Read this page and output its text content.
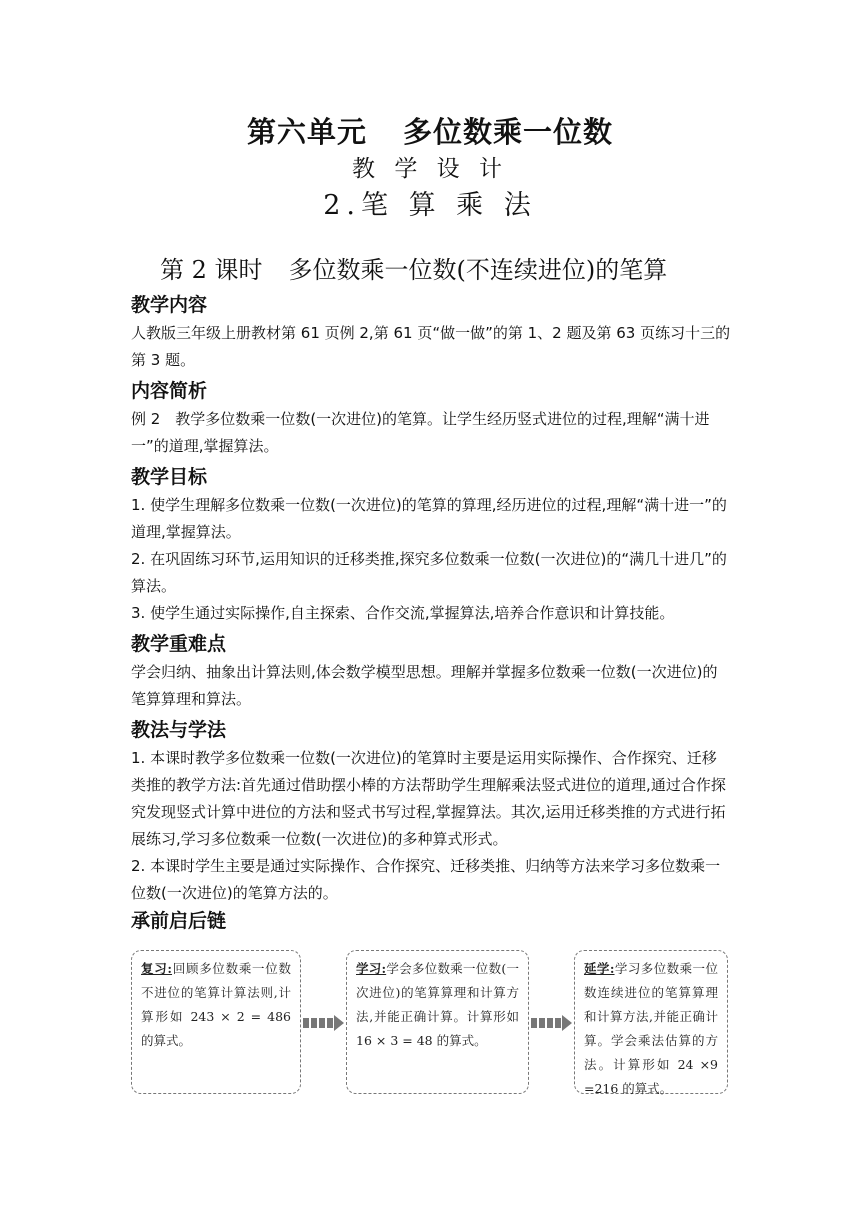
第六单元 多位数乘一位数
教 学 设 计
2.笔 算 乘 法
第 2 课时 多位数乘一位数(不连续进位)的笔算
教学内容

人教版三年级上册教材第 61 页例 2,第 61 页“做一做”的第 1、2 题及第 63 页练习十三的第 3 题。

内容简析

例 2　教学多位数乘一位数(一次进位)的笔算。让学生经历竖式进位的过程,理解“满十进一”的道理,掌握算法。

教学目标

1. 使学生理解多位数乘一位数(一次进位)的笔算的算理,经历进位的过程,理解“满十进一”的道理,掌握算法。

2. 在巩固练习环节,运用知识的迁移类推,探究多位数乘一位数(一次进位)的“满几十进几”的算法。

3. 使学生通过实际操作,自主探索、合作交流,掌握算法,培养合作意识和计算技能。

教学重难点

学会归纳、抽象出计算法则,体会数学模型思想。理解并掌握多位数乘一位数(一次进位)的笔算算理和算法。

教法与学法

1. 本课时教学多位数乘一位数(一次进位)的笔算时主要是运用实际操作、合作探究、迁移类推的教学方法:首先通过借助摆小棒的方法帮助学生理解乘法竖式进位的道理,通过合作探究发现竖式计算中进位的方法和竖式书写过程,掌握算法。其次,运用迁移类推的方式进行拓展练习,学习多位数乘一位数(一次进位)的多种算式形式。

2. 本课时学生主要是通过实际操作、合作探究、迁移类推、归纳等方法来学习多位数乘一位数(一次进位)的笔算方法的。

承前启后链
复习:回顾多位数乘一位数不进位的笔算计算法则,计算形如 243 × 2 = 486 的算式。
学习:学会多位数乘一位数(一次进位)的笔算算理和计算方法,并能正确计算。计算形如 16 × 3 = 48 的算式。
延学:学习多位数乘一位数连续进位的笔算算理和计算方法,并能正确计算。学会乘法估算的方法。计算形如 24 ×9 =216 的算式。
